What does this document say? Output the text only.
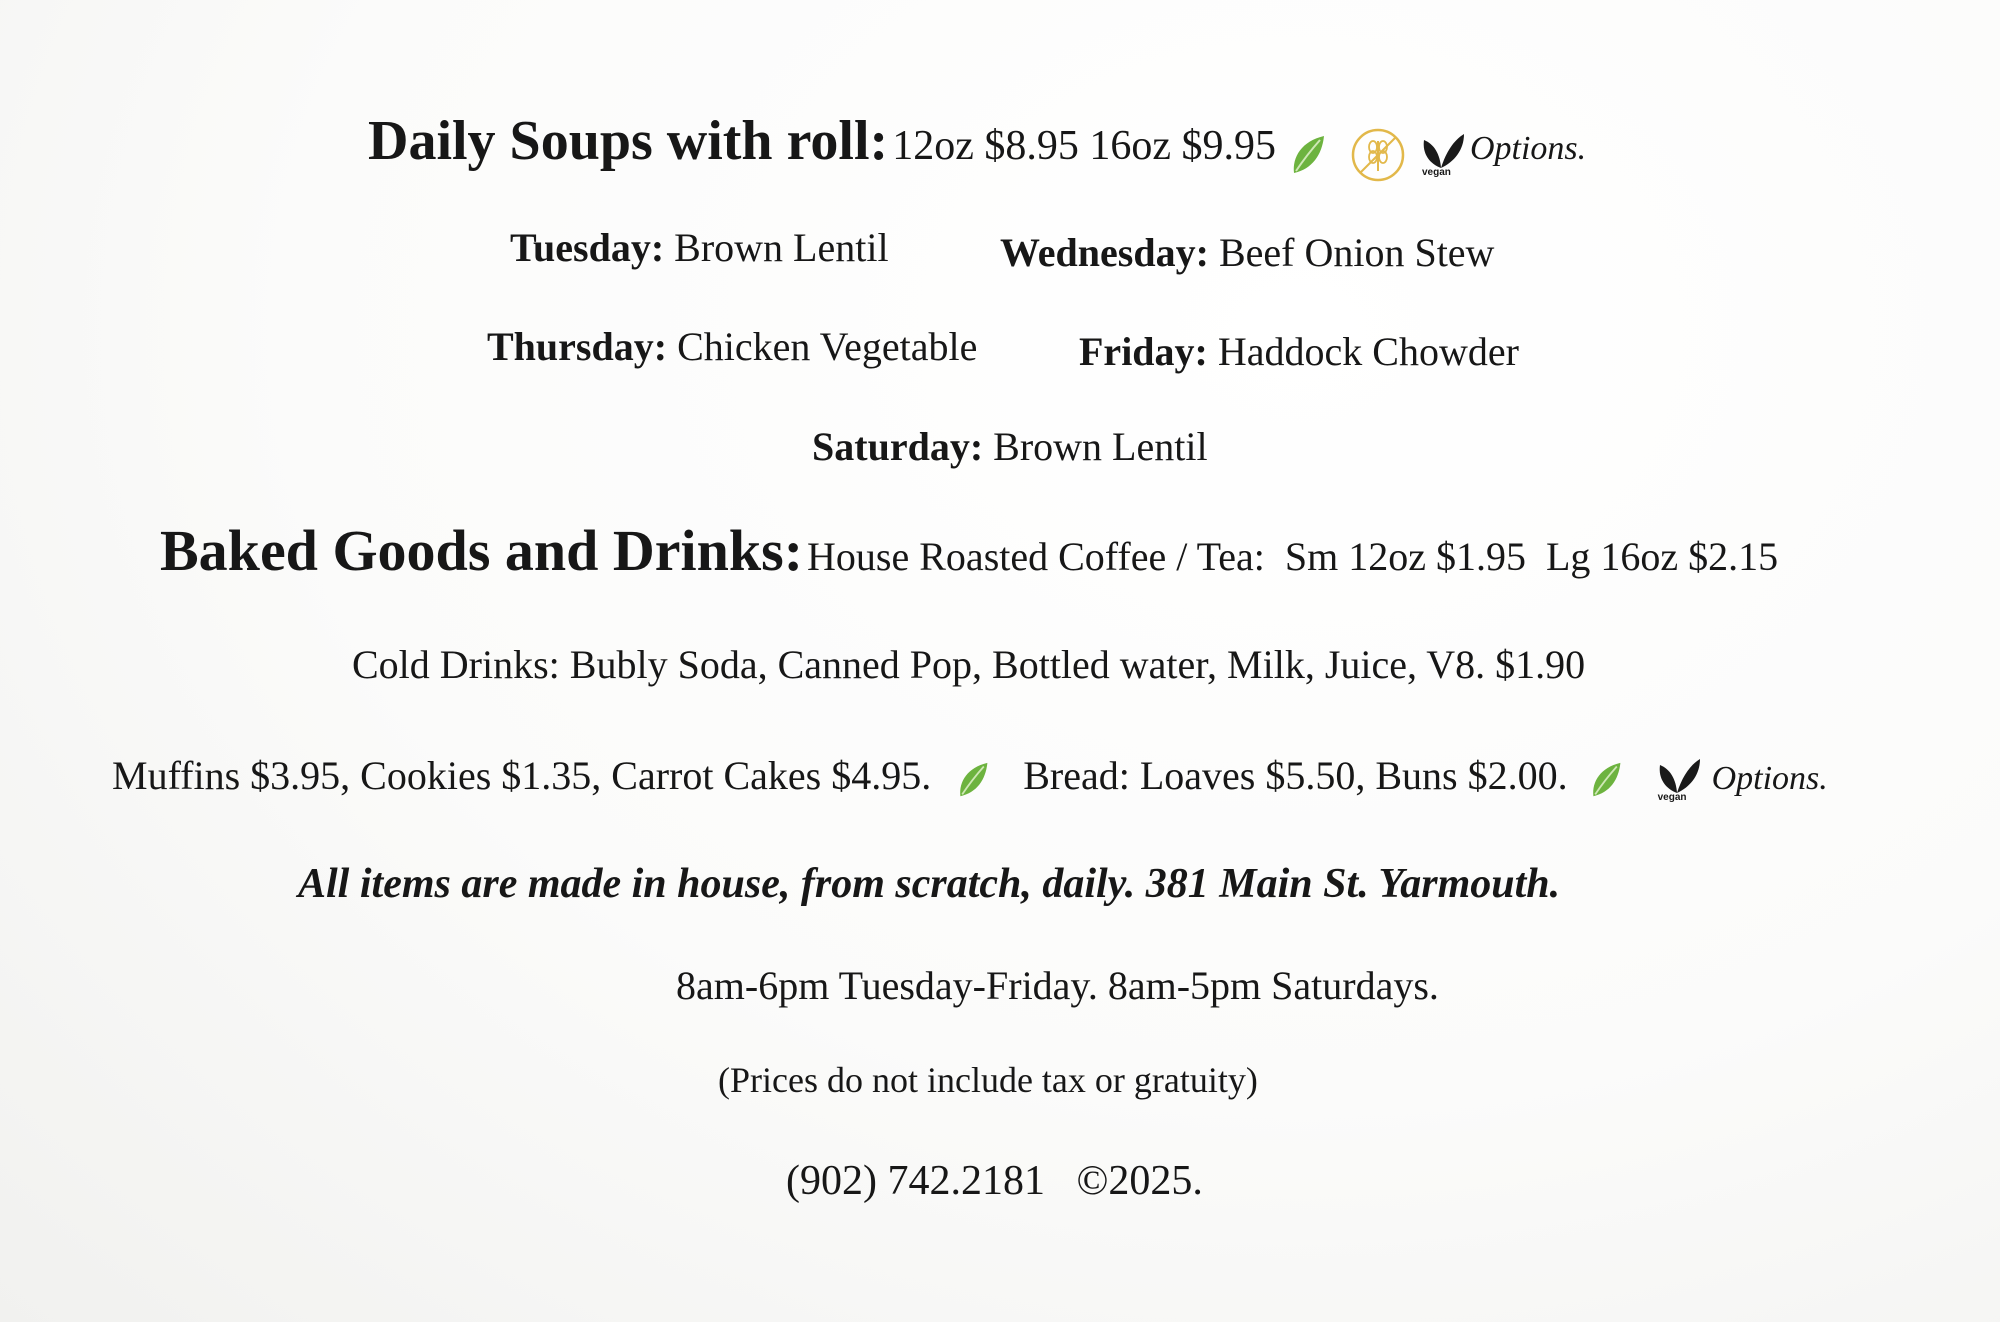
Daily Soups with roll: 12oz $8.95 16oz $9.95

vegan
Options.
Tuesday: Brown Lentil	Wednesday: Beef Onion Stew
Thursday: Chicken Vegetable	Friday: Haddock Chowder
Saturday: Brown Lentil
Baked Goods and Drinks: House Roasted Coffee / Tea:  Sm 12oz $1.95  Lg 16oz $2.15
Cold Drinks: Bubly Soda, Canned Pop, Bottled water, Milk, Juice, V8. $1.90
Muffins $3.95, Cookies $1.35, Carrot Cakes $4.95. Bread: Loaves $5.50, Buns $2.00.
	vegan
Options.
All items are made in house, from scratch, daily. 381 Main St. Yarmouth.
8am-6pm Tuesday-Friday. 8am-5pm Saturdays.
(Prices do not include tax or gratuity)
(902) 742.2181   ©2025.
